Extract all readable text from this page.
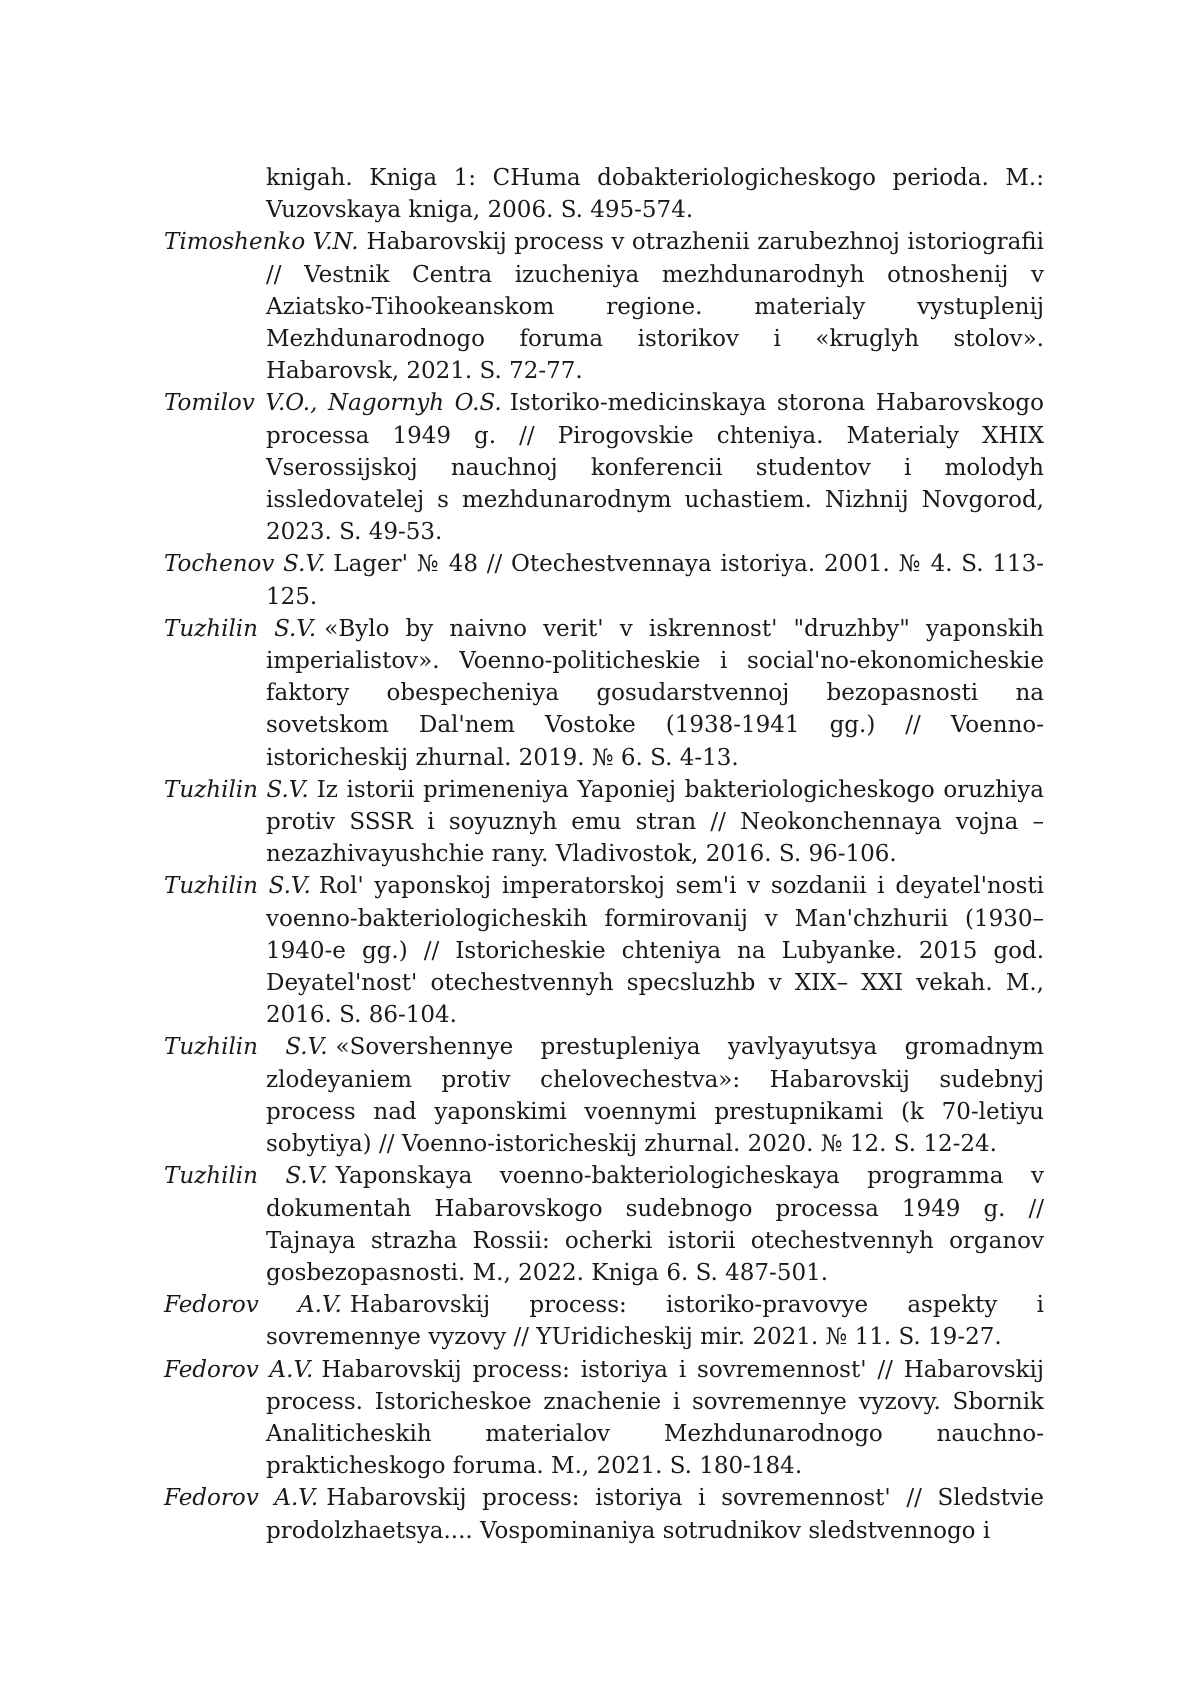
knigah. Kniga 1: CHuma dobakteriologicheskogo perioda. M.: Vuzovskaya kniga, 2006. S. 495-574.

Timoshenko V.N. Habarovskij process v otrazhenii zarubezhnoj istoriografii // Vestnik Centra izucheniya mezhdunarodnyh otnoshenij v Aziatsko-Tihookeanskom regione. materialy vystuplenij Mezhdunarodnogo foruma istorikov i «kruglyh stolov». Habarovsk, 2021. S. 72-77.

Tomilov V.O., Nagornyh O.S. Istoriko-medicinskaya storona Habarovskogo processa 1949 g. // Pirogovskie chteniya. Materialy XHIX Vserossijskoj nauchnoj konferencii studentov i molodyh issledovatelej s mezhdunarodnym uchastiem. Nizhnij Novgorod, 2023. S. 49-53.

Tochenov S.V. Lager' № 48 // Otechestvennaya istoriya. 2001. № 4. S. 113-125.

Tuzhilin S.V. «Bylo by naivno verit' v iskrennost' "druzhby" yaponskih imperialistov». Voenno-politicheskie i social'no-ekonomicheskie faktory obespecheniya gosudarstvennoj bezopasnosti na sovetskom Dal'nem Vostoke (1938-1941 gg.) // Voenno-istoricheskij zhurnal. 2019. № 6. S. 4-13.

Tuzhilin S.V. Iz istorii primeneniya Yaponiej bakteriologicheskogo oruzhiya protiv SSSR i soyuznyh emu stran // Neokonchennaya vojna – nezazhivayushchie rany. Vladivostok, 2016. S. 96-106.

Tuzhilin S.V. Rol' yaponskoj imperatorskoj sem'i v sozdanii i deyatel'nosti voenno-bakteriologicheskih formirovanij v Man'chzhurii (1930–1940-e gg.) // Istoricheskie chteniya na Lubyanke. 2015 god. Deyatel'nost' otechestvennyh specsluzhb v XIX– XXI vekah. M., 2016. S. 86-104.

Tuzhilin S.V. «Sovershennye prestupleniya yavlyayutsya gromadnym zlodeyaniem protiv chelovechestva»: Habarovskij sudebnyj process nad yaponskimi voennymi prestupnikami (k 70-letiyu sobytiya) // Voenno-istoricheskij zhurnal. 2020. № 12. S. 12-24.

Tuzhilin S.V. Yaponskaya voenno-bakteriologicheskaya programma v dokumentah Habarovskogo sudebnogo processa 1949 g. // Tajnaya strazha Rossii: ocherki istorii otechestvennyh organov gosbezopasnosti. M., 2022. Kniga 6. S. 487-501.

Fedorov A.V. Habarovskij process: istoriko-pravovye aspekty i sovremennye vyzovy // YUridicheskij mir. 2021. № 11. S. 19-27.

Fedorov A.V. Habarovskij process: istoriya i sovremennost' // Habarovskij process. Istoricheskoe znachenie i sovremennye vyzovy. Sbornik Analiticheskih materialov Mezhdunarodnogo nauchno-prakticheskogo foruma. M., 2021. S. 180-184.

Fedorov A.V. Habarovskij process: istoriya i sovremennost' // Sledstvie prodolzhaetsya.... Vospominaniya sotrudnikov sledstvennogo i
